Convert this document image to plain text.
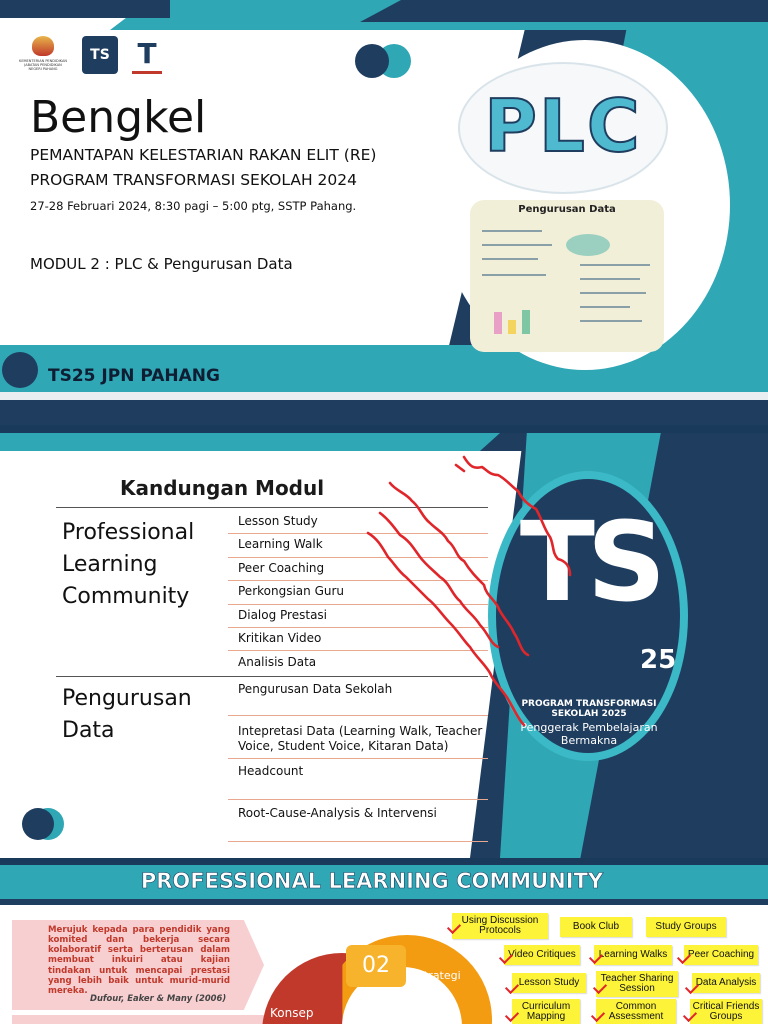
KEMENTERIAN PENDIDIKAN JABATAN PENDIDIKAN NEGERI PAHANG
TS T
Bengkel
PEMANTAPAN KELESTARIAN RAKAN ELIT (RE)
PROGRAM TRANSFORMASI SEKOLAH 2024
27-28 Februari 2024, 8:30 pagi – 5:00 ptg, SSTP Pahang.
MODUL 2 : PLC & Pengurusan Data
TS25 JPN PAHANG
PLC
Pengurusan Data
TS
25
PROGRAM TRANSFORMASI SEKOLAH 2025
Penggerak Pembelajaran Bermakna
Kandungan Modul
Professional Learning Community
Lesson Study
Learning Walk
Peer Coaching
Perkongsian Guru
Dialog Prestasi
Kritikan Video
Analisis Data
Pengurusan Data
Pengurusan Data Sekolah
Intepretasi Data (Learning Walk, Teacher Voice, Student Voice, Kitaran Data)
Headcount
Root-Cause-Analysis & Intervensi
PROFESSIONAL LEARNING COMMUNITY
Merujuk kepada para pendidik yang komited dan bekerja secara kolaboratif serta berterusan dalam membuat inkuiri atau kajian tindakan untuk mencapai prestasi yang lebih baik untuk murid-murid mereka.
Dufour, Eaker & Many (2006)
02	Strategi
Konsep
Using Discussion Protocols	Book Club	Study Groups
Video Critiques	Learning Walks	Peer Coaching
Lesson Study	Teacher Sharing Session
Data Analysis
Curriculum Mapping
Common Assessment
Critical Friends Groups
